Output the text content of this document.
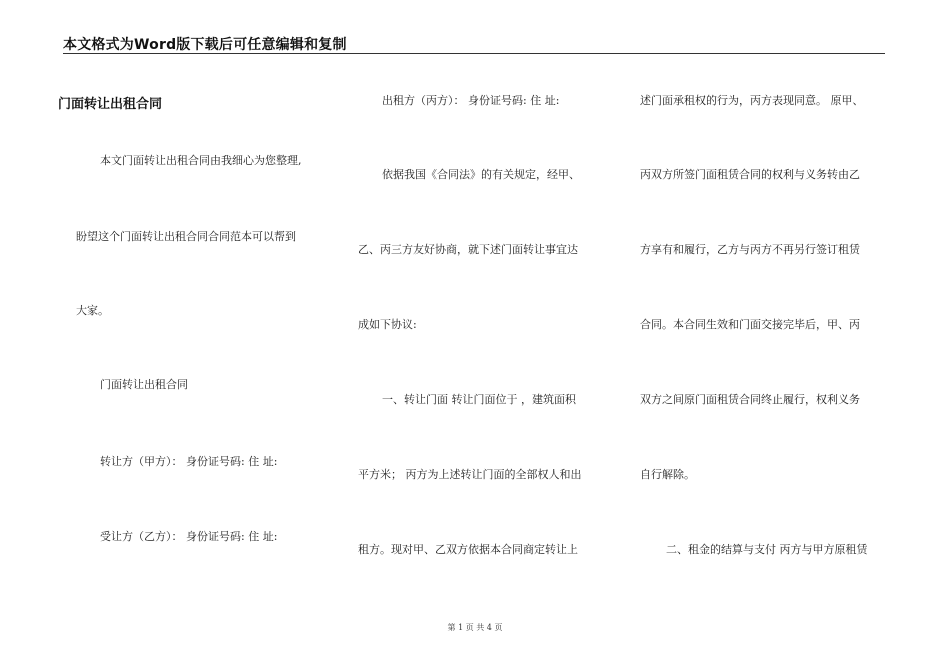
本文格式为Word版下载后可任意编辑和复制
门面转让出租合同
本文门面转让出租合同由我细心为您整理,
盼望这个门面转让出租合同合同范本可以帮到
大家。
门面转让出租合同
转让方（甲方）： 身份证号码: 住 址:
受让方（乙方）： 身份证号码: 住 址:
出租方（丙方）： 身份证号码: 住 址:
依据我国《合同法》的有关规定，经甲、
乙、丙三方友好协商，就下述门面转让事宜达
成如下协议:
一、转让门面 转让门面位于 ，建筑面积
平方米； 丙方为上述转让门面的全部权人和出
租方。现对甲、乙双方依据本合同商定转让上
述门面承租权的行为，丙方表现同意。 原甲、
丙双方所签门面租赁合同的权利与义务转由乙
方享有和履行，乙方与丙方不再另行签订租赁
合同。本合同生效和门面交接完毕后，甲、丙
双方之间原门面租赁合同终止履行，权利义务
自行解除。
二、租金的结算与支付 丙方与甲方原租赁
第 1 页 共 4 页
